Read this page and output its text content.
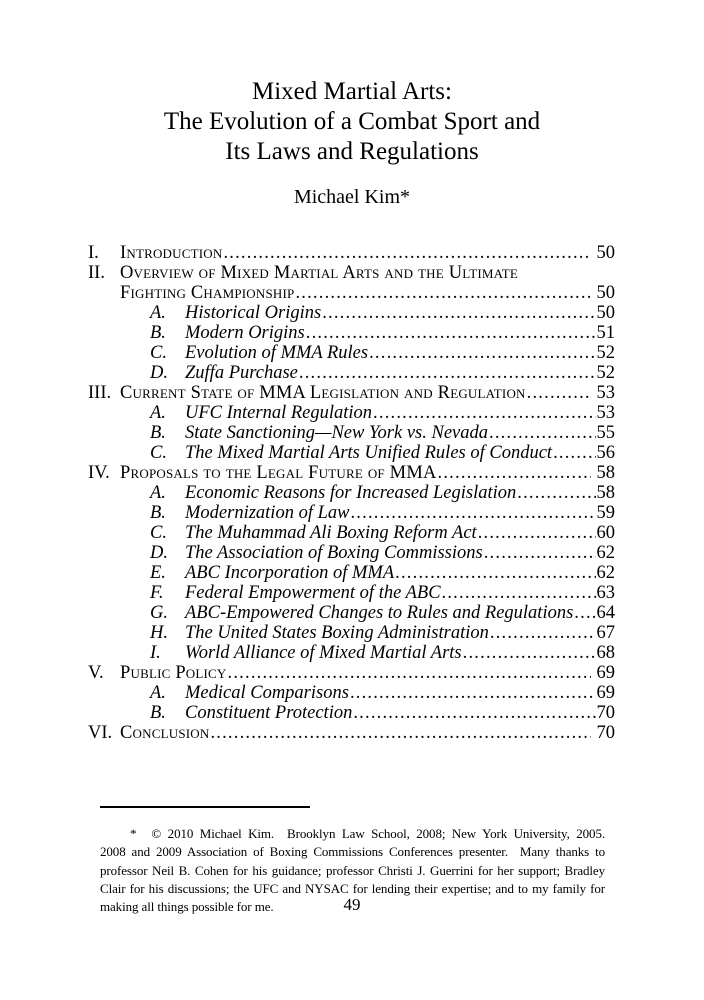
Mixed Martial Arts:
The Evolution of a Combat Sport and
Its Laws and Regulations
Michael Kim*
I.	Introduction .....	50
II. Overview of Mixed Martial Arts and the Ultimate
Fighting Championship .....	50
A.	Historical Origins .....	50
B.	Modern Origins .....	51
C. Evolution of MMA Rules .....	52
D. Zuffa Purchase .....	52
III. Current State of MMA Legislation and Regulation .....	53
A.	UFC Internal Regulation .....	53
B.	State Sanctioning—New York vs. Nevada .....	55
C. The Mixed Martial Arts Unified Rules of Conduct ..... 56
IV. Proposals to the Legal Future of MMA .....	58
A.	Economic Reasons for Increased Legislation .....	58
B.	Modernization of Law .....	59
C. The Muhammad Ali Boxing Reform Act .....	60
D. The Association of Boxing Commissions .....	62
E.	ABC Incorporation of MMA .....	62
F.	Federal Empowerment of the ABC .....	63
G. ABC-Empowered Changes to Rules and Regulations ..... 64
H. The United States Boxing Administration .....	67
I.	World Alliance of Mixed Martial Arts .....	68
V. Public Policy .....	69
A.	Medical Comparisons .....	69
B.	Constituent Protection .....	70
VI. Conclusion .....	70
* © 2010 Michael Kim.  Brooklyn Law School, 2008; New York University, 2005.
2008 and 2009 Association of Boxing Commissions Conferences presenter.  Many thanks to
professor Neil B. Cohen for his guidance; professor Christi J. Guerrini for her support; Bradley
Clair for his discussions; the UFC and NYSAC for lending their expertise; and to my family for
making all things possible for me.	49
